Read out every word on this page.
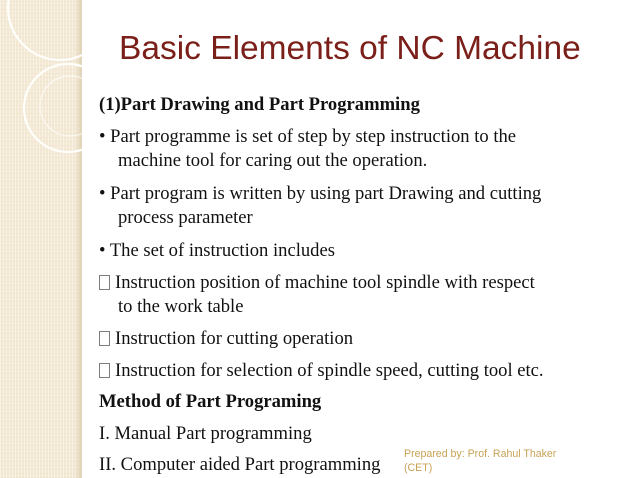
Basic Elements of NC Machine
(1)Part Drawing and Part Programming
• Part programme is set of step by step instruction to the
machine tool for caring out the operation.
• Part program is written by using part Drawing and cutting
process parameter
• The set of instruction includes
Instruction position of machine tool spindle with respect
to the work table
Instruction for cutting operation
Instruction for selection of spindle speed, cutting tool etc.
Method of Part Programing
I. Manual Part programming
II. Computer aided Part programming Prepared by: Prof. Rahul Thaker (CET)
